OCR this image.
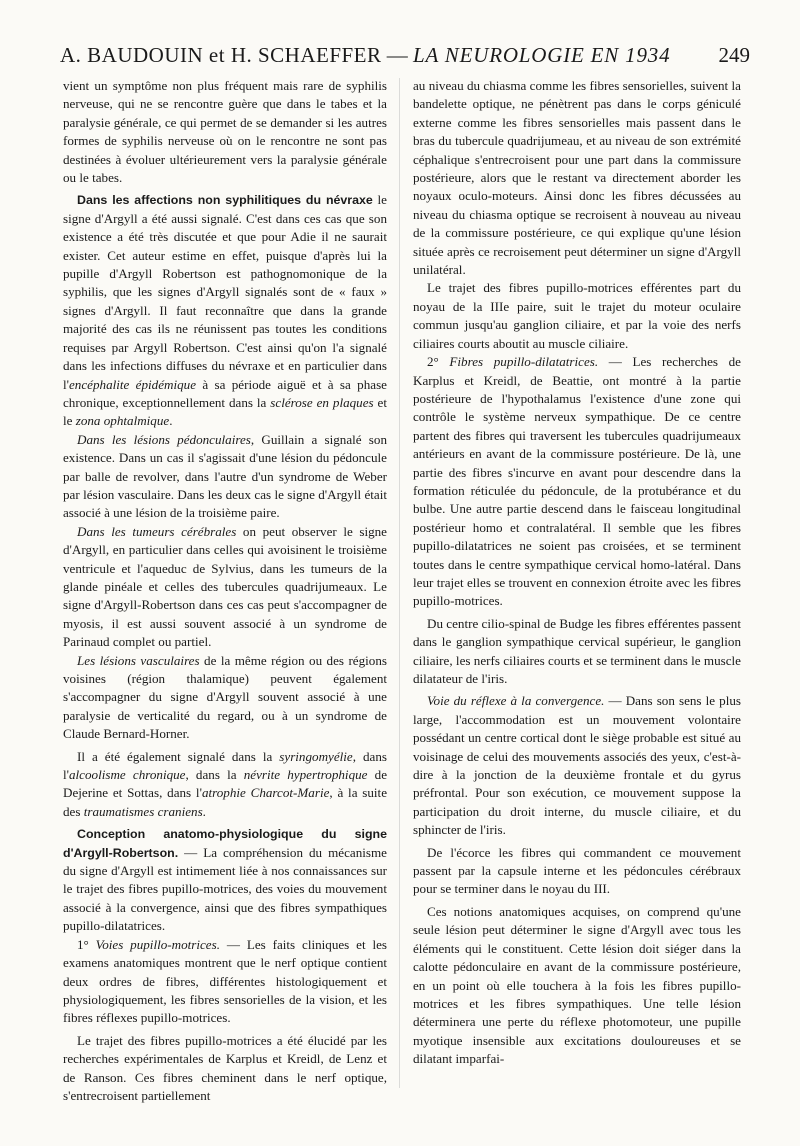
A. BAUDOUIN et H. SCHAEFFER — LA NEUROLOGIE EN 1934 249

vient un symptôme non plus fréquent mais rare de syphilis nerveuse, qui ne se rencontre guère que dans le tabes et la paralysie générale, ce qui permet de se demander si les autres formes de syphilis nerveuse où on le rencontre ne sont pas destinées à évoluer ultérieurement vers la paralysie générale ou le tabes.

Dans les affections non syphilitiques du névraxe le signe d'Argyll a été aussi signalé. C'est dans ces cas que son existence a été très discutée et que pour Adie il ne saurait exister. Cet auteur estime en effet, puisque d'après lui la pupille d'Argyll Robertson est pathognomonique de la syphilis, que les signes d'Argyll signalés sont de « faux » signes d'Argyll. Il faut reconnaître que dans la grande majorité des cas ils ne réunissent pas toutes les conditions requises par Argyll Robertson. C'est ainsi qu'on l'a signalé dans les infections diffuses du névraxe et en particulier dans l'encéphalite épidémique à sa période aiguë et à sa phase chronique, exceptionnellement dans la sclérose en plaques et le zona ophtalmique.

Dans les lésions pédonculaires, Guillain a signalé son existence. Dans un cas il s'agissait d'une lésion du pédoncule par balle de revolver, dans l'autre d'un syndrome de Weber par lésion vasculaire. Dans les deux cas le signe d'Argyll était associé à une lésion de la troisième paire.

Dans les tumeurs cérébrales on peut observer le signe d'Argyll, en particulier dans celles qui avoisinent le troisième ventricule et l'aqueduc de Sylvius, dans les tumeurs de la glande pinéale et celles des tubercules quadrijumeaux. Le signe d'Argyll-Robertson dans ces cas peut s'accompagner de myosis, il est aussi souvent associé à un syndrome de Parinaud complet ou partiel.

Les lésions vasculaires de la même région ou des régions voisines (région thalamique) peuvent également s'accompagner du signe d'Argyll souvent associé à une paralysie de verticalité du regard, ou à un syndrome de Claude Bernard-Horner.

Il a été également signalé dans la syringomyélie, dans l'alcoolisme chronique, dans la névrite hypertrophique de Dejerine et Sottas, dans l'atrophie Charcot-Marie, à la suite des traumatismes craniens.

Conception anatomo-physiologique du signe d'Argyll-Robertson. — La compréhension du mécanisme du signe d'Argyll est intimement liée à nos connaissances sur le trajet des fibres pupillo-motrices, des voies du mouvement associé à la convergence, ainsi que des fibres sympathiques pupillo-dilatatrices.

1° Voies pupillo-motrices. — Les faits cliniques et les examens anatomiques montrent que le nerf optique contient deux ordres de fibres, différentes histologiquement et physiologiquement, les fibres sensorielles de la vision, et les fibres réflexes pupillo-motrices.

Le trajet des fibres pupillo-motrices a été élucidé par les recherches expérimentales de Karplus et Kreidl, de Lenz et de Ranson. Ces fibres cheminent dans le nerf optique, s'entrecroisent partiellement

au niveau du chiasma comme les fibres sensorielles, suivent la bandelette optique, ne pénètrent pas dans le corps géniculé externe comme les fibres sensorielles mais passent dans le bras du tubercule quadrijumeau, et au niveau de son extrémité céphalique s'entrecroisent pour une part dans la commissure postérieure, alors que le restant va directement aborder les noyaux oculo-moteurs. Ainsi donc les fibres décussées au niveau du chiasma optique se recroisent à nouveau au niveau de la commissure postérieure, ce qui explique qu'une lésion située après ce recroisement peut déterminer un signe d'Argyll unilatéral.

Le trajet des fibres pupillo-motrices efférentes part du noyau de la IIIe paire, suit le trajet du moteur oculaire commun jusqu'au ganglion ciliaire, et par la voie des nerfs ciliaires courts aboutit au muscle ciliaire.

2° Fibres pupillo-dilatatrices. — Les recherches de Karplus et Kreidl, de Beattie, ont montré à la partie postérieure de l'hypothalamus l'existence d'une zone qui contrôle le système nerveux sympathique. De ce centre partent des fibres qui traversent les tubercules quadrijumeaux antérieurs en avant de la commissure postérieure. De là, une partie des fibres s'incurve en avant pour descendre dans la formation réticulée du pédoncule, de la protubérance et du bulbe. Une autre partie descend dans le faisceau longitudinal postérieur homo et contralatéral. Il semble que les fibres pupillo-dilatatrices ne soient pas croisées, et se terminent toutes dans le centre sympathique cervical homo-latéral. Dans leur trajet elles se trouvent en connexion étroite avec les fibres pupillo-motrices.

Du centre cilio-spinal de Budge les fibres efférentes passent dans le ganglion sympathique cervical supérieur, le ganglion ciliaire, les nerfs ciliaires courts et se terminent dans le muscle dilatateur de l'iris.

Voie du réflexe à la convergence. — Dans son sens le plus large, l'accommodation est un mouvement volontaire possédant un centre cortical dont le siège probable est situé au voisinage de celui des mouvements associés des yeux, c'est-à-dire à la jonction de la deuxième frontale et du gyrus préfrontal. Pour son exécution, ce mouvement suppose la participation du droit interne, du muscle ciliaire, et du sphincter de l'iris.

De l'écorce les fibres qui commandent ce mouvement passent par la capsule interne et les pédoncules cérébraux pour se terminer dans le noyau du III.

Ces notions anatomiques acquises, on comprend qu'une seule lésion peut déterminer le signe d'Argyll avec tous les éléments qui le constituent. Cette lésion doit siéger dans la calotte pédonculaire en avant de la commissure postérieure, en un point où elle touchera à la fois les fibres pupillo-motrices et les fibres sympathiques. Une telle lésion déterminera une perte du réflexe photomoteur, une pupille myotique insensible aux excitations douloureuses et se dilatant imparfai-
